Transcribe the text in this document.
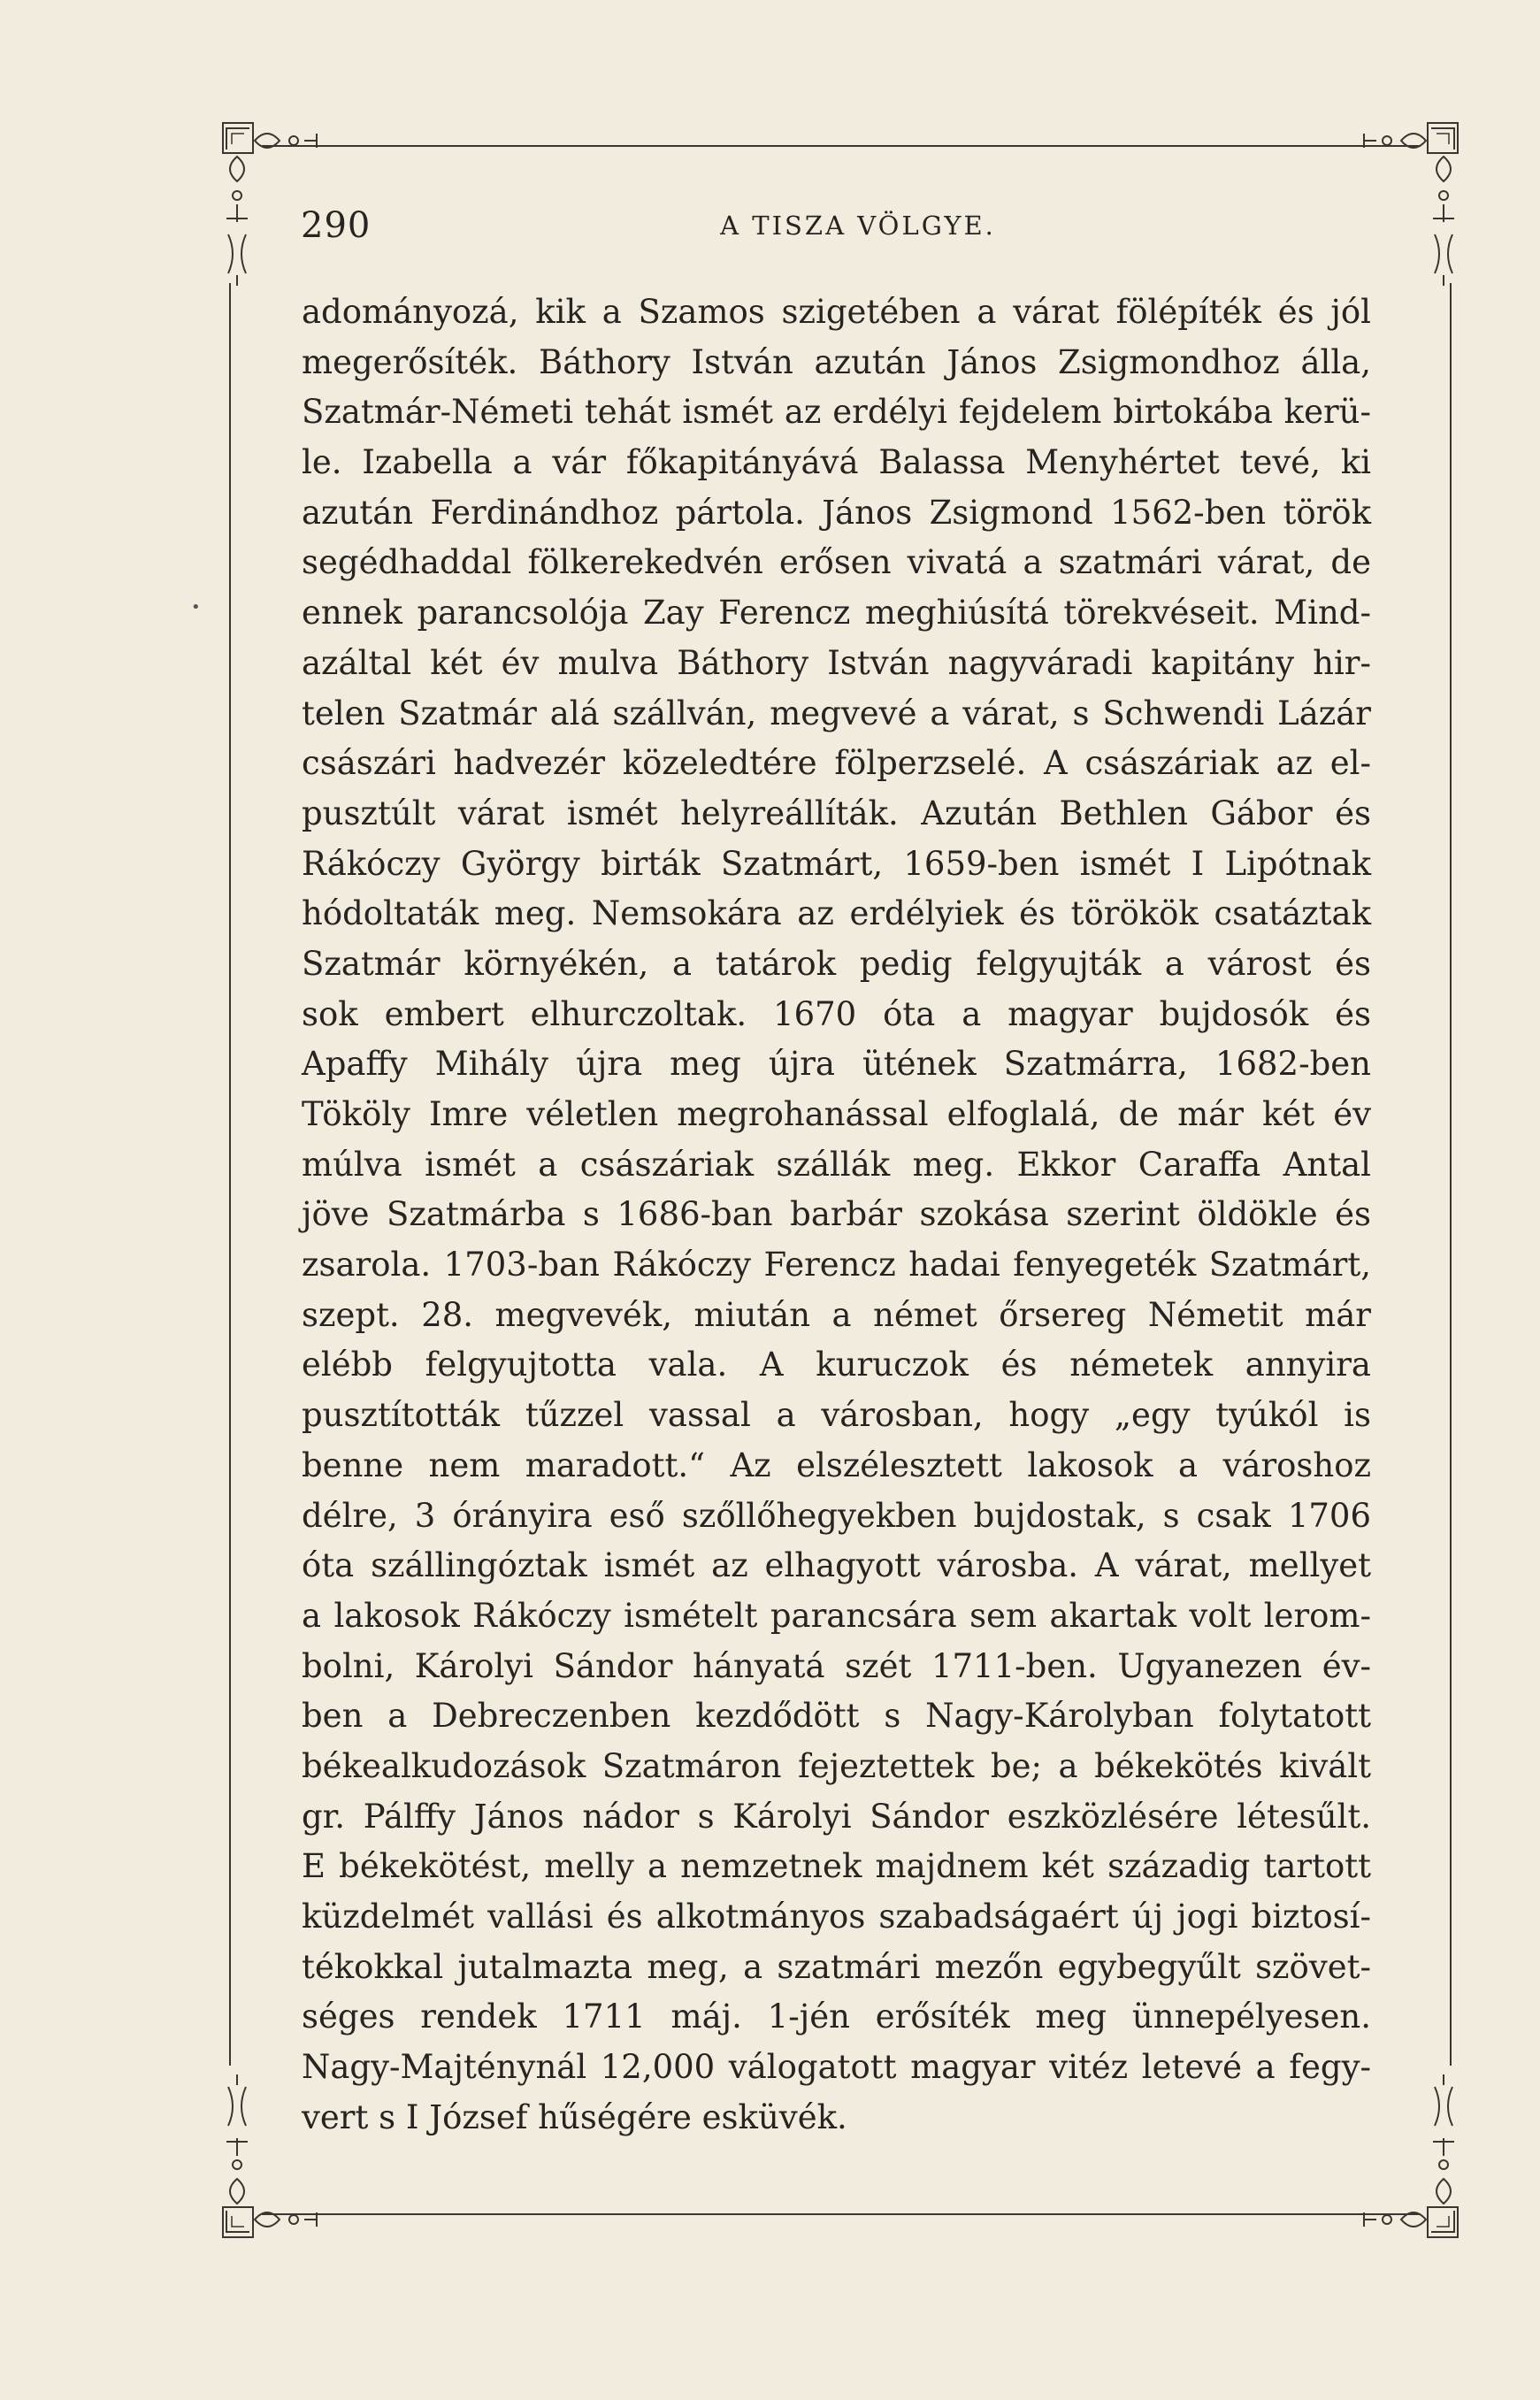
•
290	A TISZA VÖLGYE.
adományozá, kik a Szamos szigetében a várat fölépíték és jól
megerősíték. Báthory István azután János Zsigmondhoz álla,
Szatmár-Németi tehát ismét az erdélyi fejdelem birtokába kerü-
le. Izabella a vár főkapitányává Balassa Menyhértet tevé, ki
azután Ferdinándhoz pártola. János Zsigmond 1562-ben török
segédhaddal fölkerekedvén erősen vivatá a szatmári várat, de
ennek parancsolója Zay Ferencz meghiúsítá törekvéseit. Mind-
azáltal két év mulva Báthory István nagyváradi kapitány hir-
telen Szatmár alá szállván, megvevé a várat, s Schwendi Lázár
császári hadvezér közeledtére fölperzselé. A császáriak az el-
pusztúlt várat ismét helyreállíták. Azután Bethlen Gábor és
Rákóczy György birták Szatmárt, 1659-ben ismét I Lipótnak
hódoltaták meg. Nemsokára az erdélyiek és törökök csatáztak
Szatmár környékén, a tatárok pedig felgyujták a várost és
sok embert elhurczoltak. 1670 óta a magyar bujdosók és
Apaffy Mihály újra meg újra ütének Szatmárra, 1682-ben
Tököly Imre véletlen megrohanással elfoglalá, de már két év
múlva ismét a császáriak szállák meg. Ekkor Caraffa Antal
jöve Szatmárba s 1686-ban barbár szokása szerint öldökle és
zsarola. 1703-ban Rákóczy Ferencz hadai fenyegeték Szatmárt,
szept. 28. megvevék, miután a német őrsereg Németit már
elébb felgyujtotta vala. A kuruczok és németek annyira
pusztították tűzzel vassal a városban, hogy „egy tyúkól is
benne nem maradott.“ Az elszélesztett lakosok a városhoz
délre, 3 órányira eső szőllőhegyekben bujdostak, s csak 1706
óta szállingóztak ismét az elhagyott városba. A várat, mellyet
a lakosok Rákóczy ismételt parancsára sem akartak volt lerom-
bolni, Károlyi Sándor hányatá szét 1711-ben. Ugyanezen év-
ben a Debreczenben kezdődött s Nagy-Károlyban folytatott
békealkudozások Szatmáron fejeztettek be; a békekötés kivált
gr. Pálffy János nádor s Károlyi Sándor eszközlésére létesűlt.
E békekötést, melly a nemzetnek majdnem két századig tartott
küzdelmét vallási és alkotmányos szabadságaért új jogi biztosí-
tékokkal jutalmazta meg, a szatmári mezőn egybegyűlt szövet-
séges rendek 1711 máj. 1-jén erősíték meg ünnepélyesen.
Nagy-Majténynál 12,000 válogatott magyar vitéz letevé a fegy-
vert s I József hűségére esküvék.
